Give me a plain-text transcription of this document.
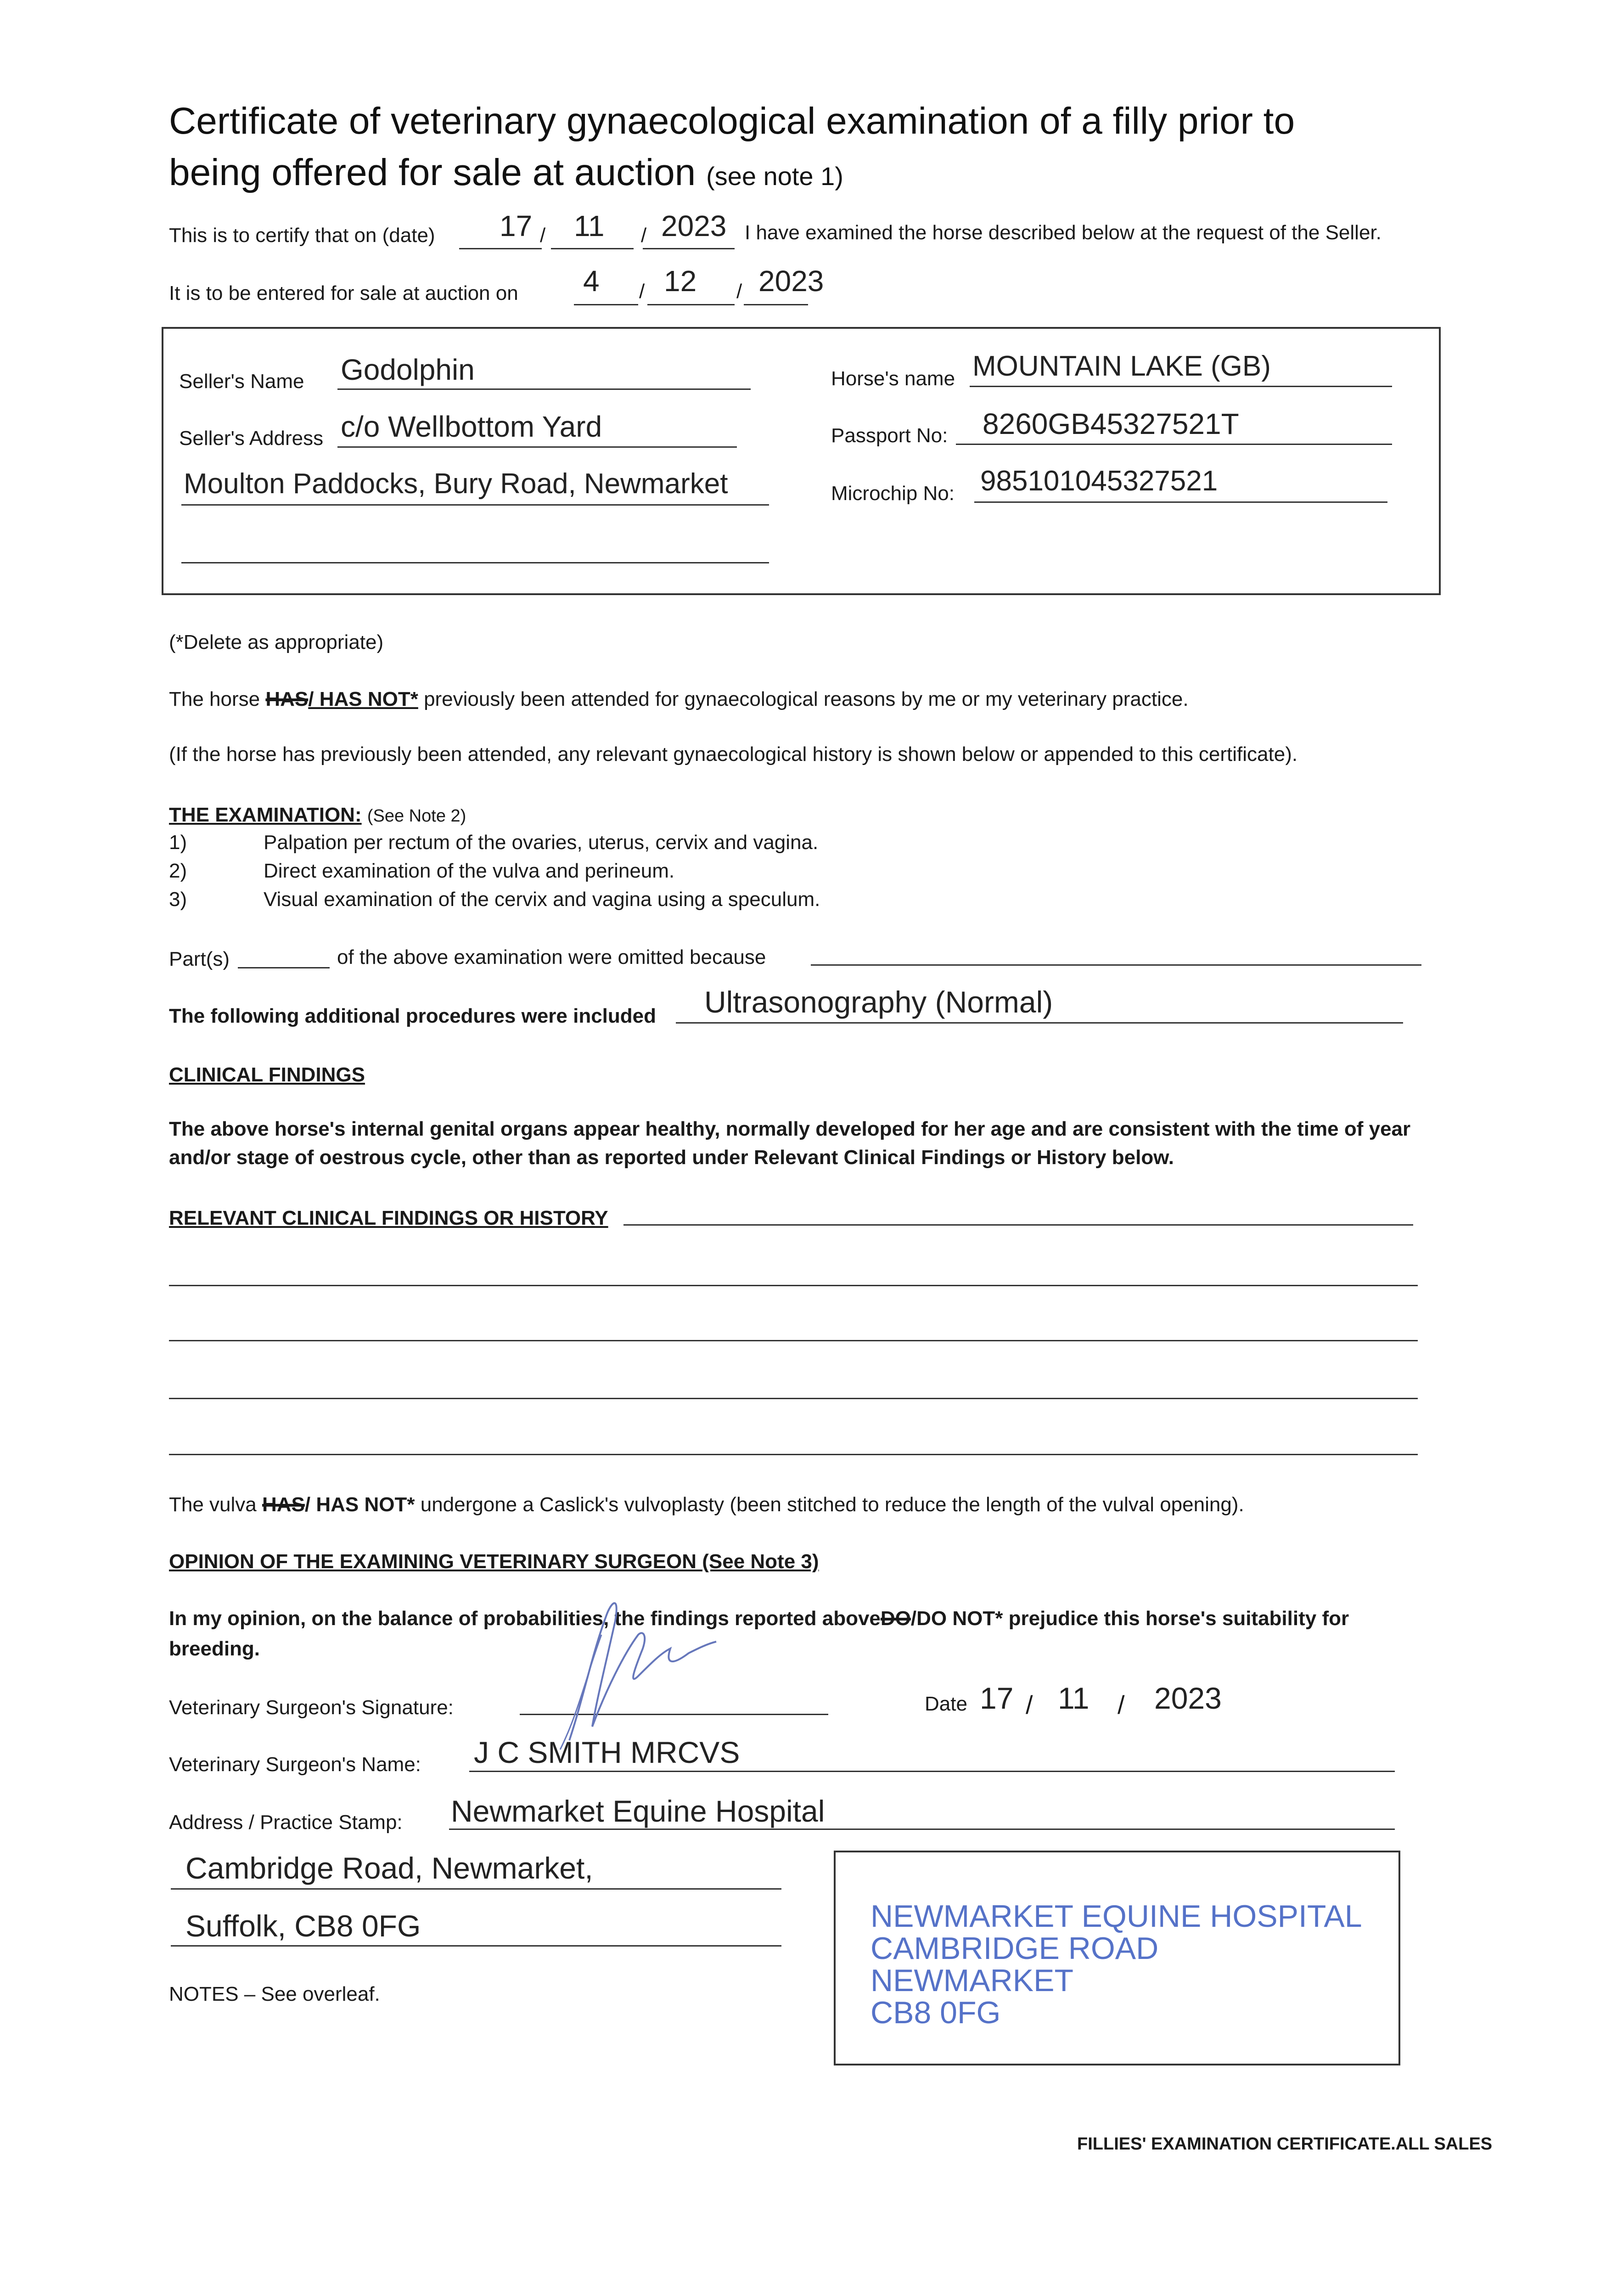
Certificate of veterinary gynaecological examination of a filly prior to
being offered for sale at auction (see note 1)
This is to certify that on (date)	/	/
17 11 2023 I have examined the horse described below at the request of the Seller.
It is to be entered for sale at auction on	/	/
4 12 2023
Seller's Name Godolphin
Seller's Address c/o Wellbottom Yard
Moulton Paddocks, Bury Road, Newmarket
Horse's name MOUNTAIN LAKE (GB)
Passport No: 8260GB45327521T
Microchip No: 985101045327521
(*Delete as appropriate)
The horse HAS/ HAS NOT* previously been attended for gynaecological reasons by me or my veterinary practice.
(If the horse has previously been attended, any relevant gynaecological history is shown below or appended to this certificate).
THE EXAMINATION: (See Note 2)
1)	Palpation per rectum of the ovaries, uterus, cervix and vagina.
2)	Direct examination of the vulva and perineum.
3)	Visual examination of the cervix and vagina using a speculum.
Part(s)	of the above examination were omitted because
The following additional procedures were included Ultrasonography (Normal)
CLINICAL FINDINGS
The above horse's internal genital organs appear healthy, normally developed for her age and are consistent with the time of year
and/or stage of oestrous cycle, other than as reported under Relevant Clinical Findings or History below.
RELEVANT CLINICAL FINDINGS OR HISTORY
The vulva HAS/ HAS NOT* undergone a Caslick's vulvoplasty (been stitched to reduce the length of the vulval opening).
OPINION OF THE EXAMINING VETERINARY SURGEON (See Note 3)
In my opinion, on the balance of probabilities, the findings reported aboveDO/DO NOT* prejudice this horse's suitability for
breeding.
Veterinary Surgeon's Signature:	Date 17 / 11 / 2023
Veterinary Surgeon's Name: J C SMITH MRCVS
Address / Practice Stamp: Newmarket Equine Hospital
Cambridge Road, Newmarket,
Suffolk, CB8 0FG	NEWMARKET EQUINE HOSPITAL
CAMBRIDGE ROAD
NEWMARKET
CB8 0FG
NOTES – See overleaf.
FILLIES' EXAMINATION CERTIFICATE.ALL SALES
